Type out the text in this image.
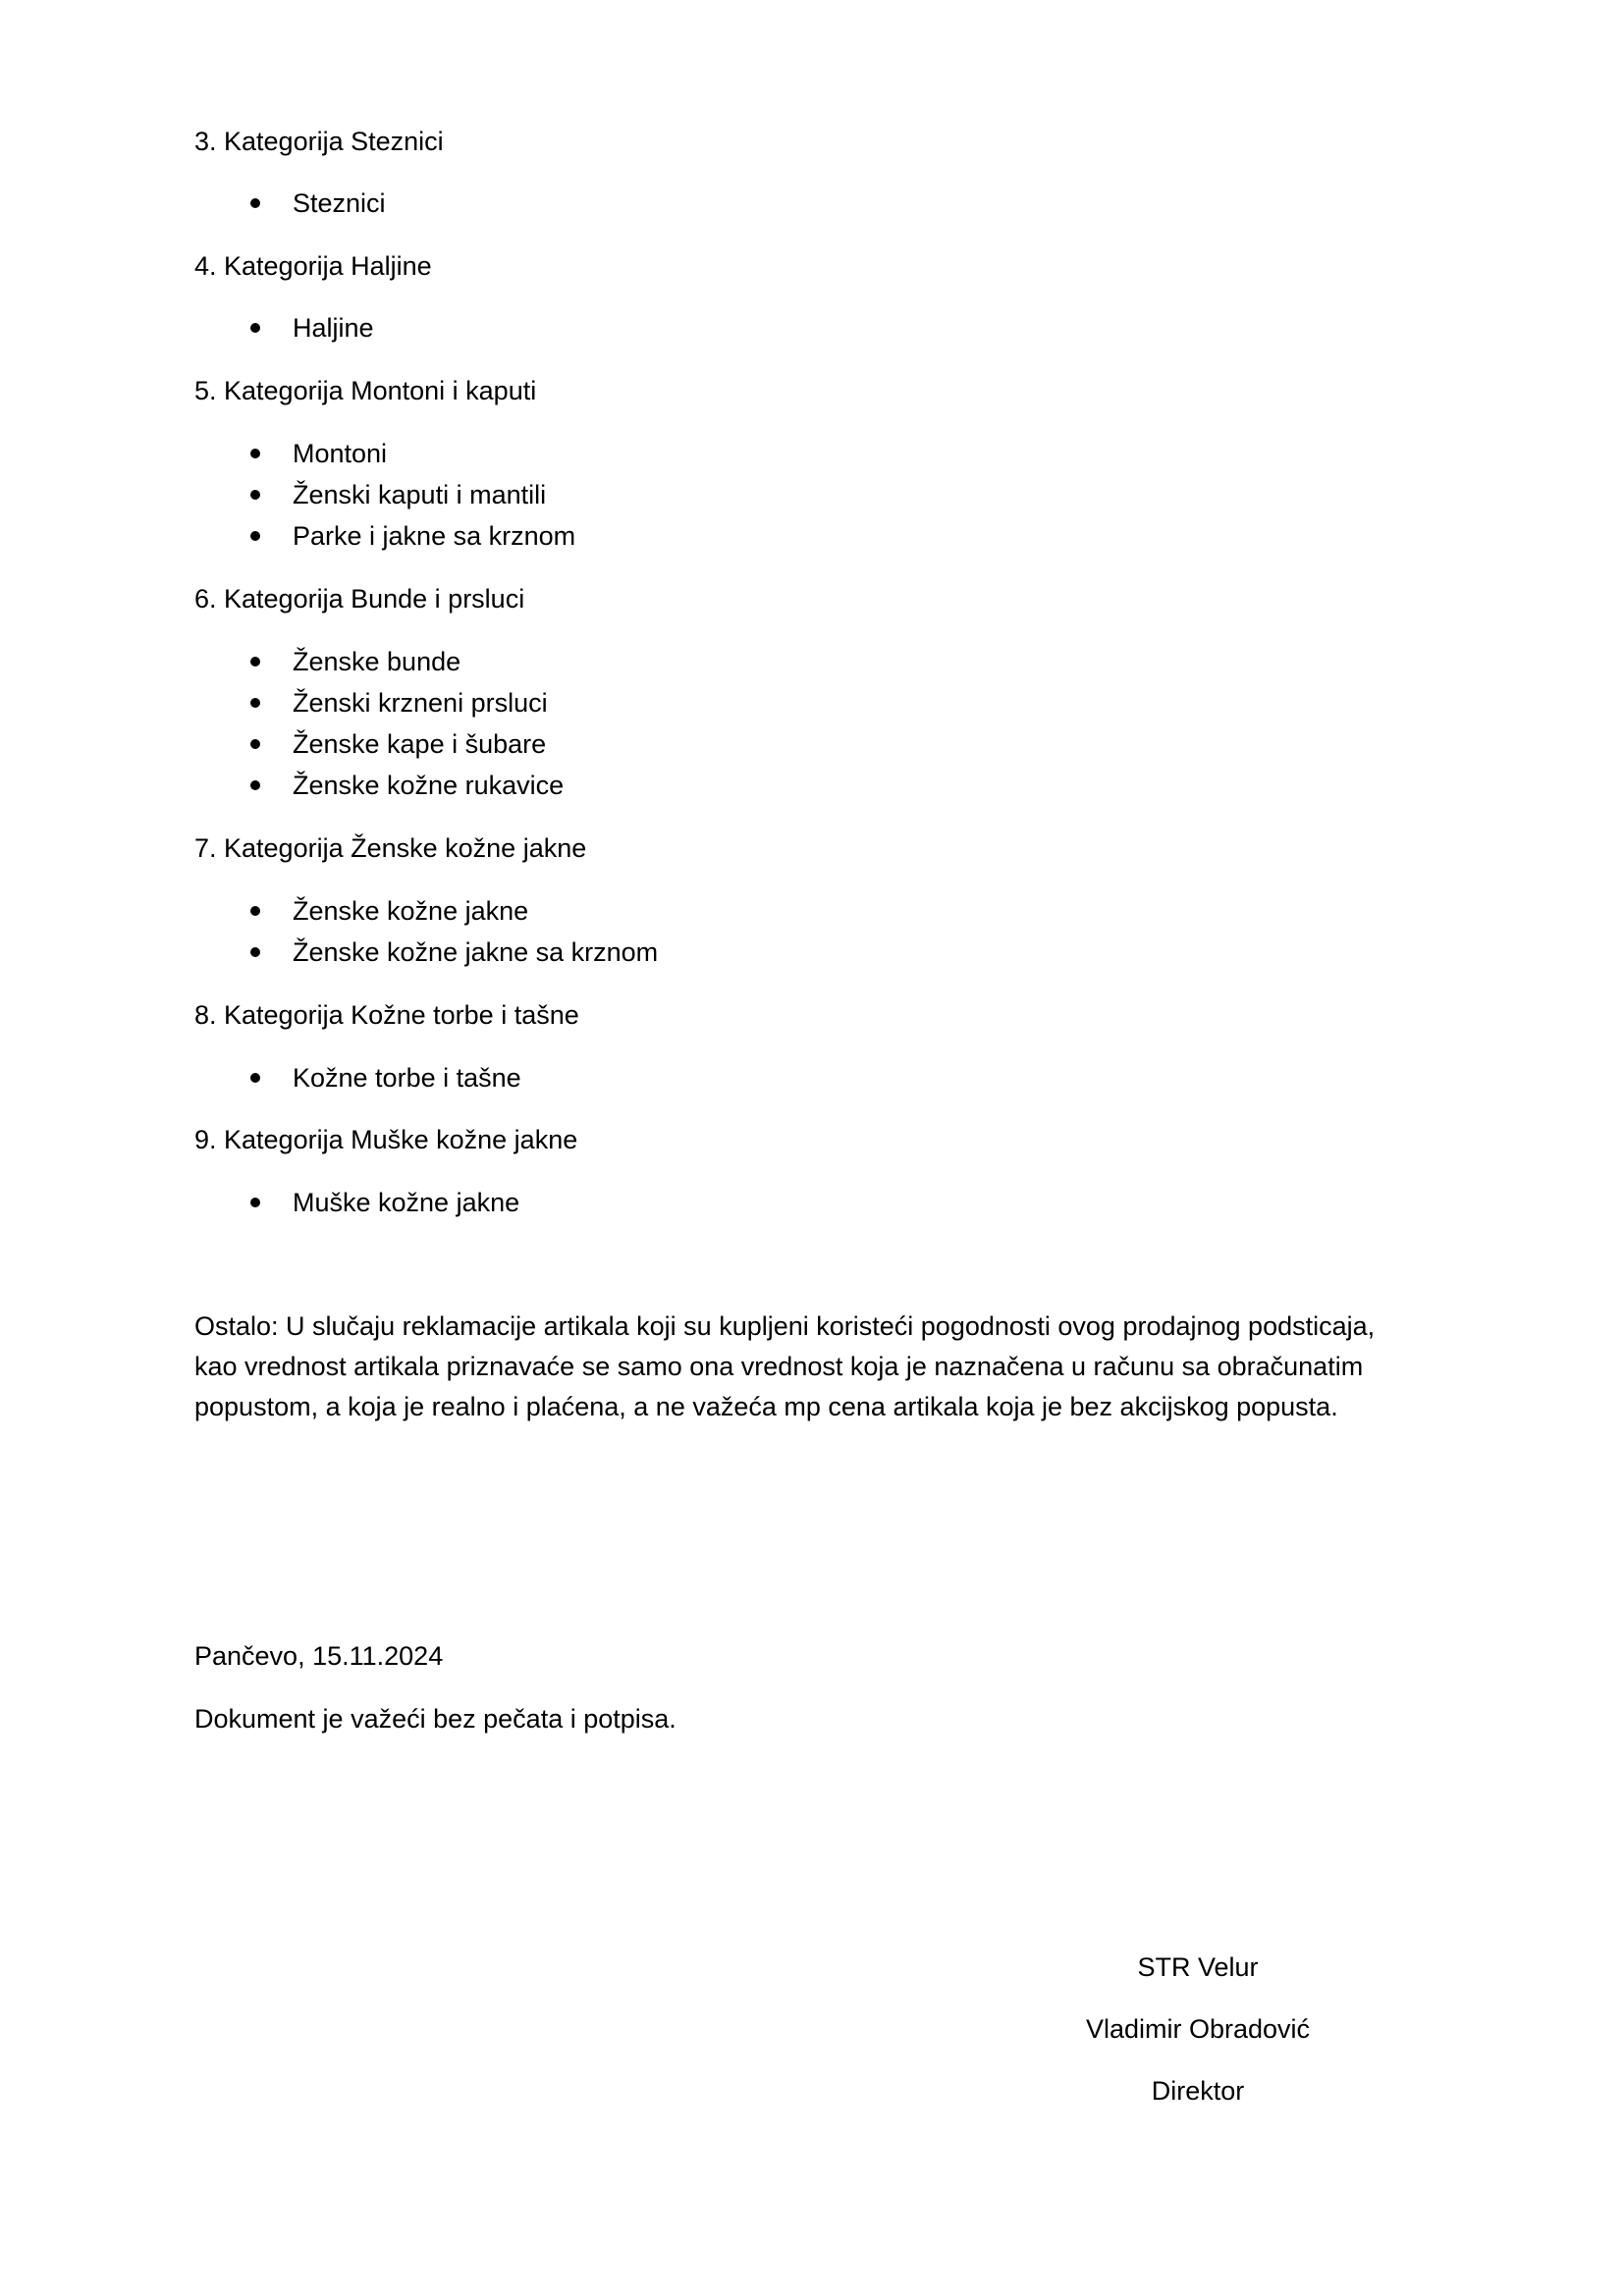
3. Kategorija Steznici
Steznici
4. Kategorija Haljine
Haljine
5. Kategorija Montoni i kaputi
Montoni
Ženski kaputi i mantili
Parke i jakne sa krznom
6. Kategorija Bunde i prsluci
Ženske bunde
Ženski krzneni prsluci
Ženske kape i šubare
Ženske kožne rukavice
7. Kategorija Ženske kožne jakne
Ženske kožne jakne
Ženske kožne jakne sa krznom
8. Kategorija Kožne torbe i tašne
Kožne torbe i tašne
9. Kategorija Muške kožne jakne
Muške kožne jakne
Ostalo: U slučaju reklamacije artikala koji su kupljeni koristeći pogodnosti ovog prodajnog podsticaja,
kao vrednost artikala priznavaće se samo ona vrednost koja je naznačena u računu sa obračunatim
popustom, a koja je realno i plaćena, a ne važeća mp cena artikala koja je bez akcijskog popusta.
Pančevo, 15.11.2024
Dokument je važeći bez pečata i potpisa.
STR Velur
Vladimir Obradović
Direktor
